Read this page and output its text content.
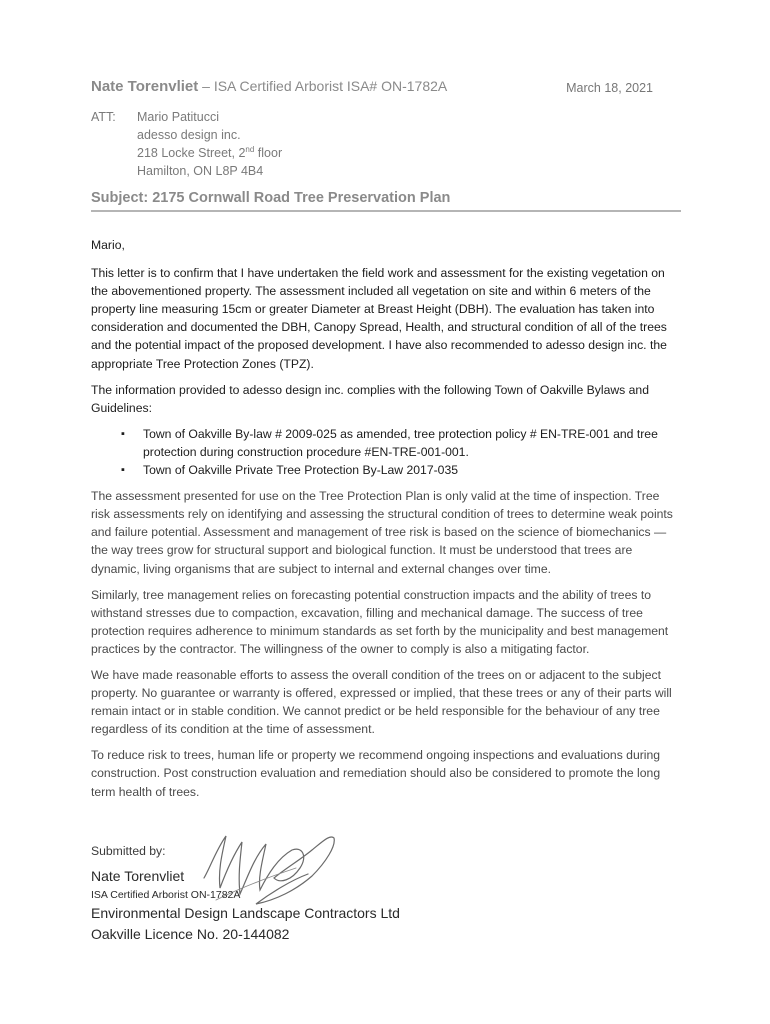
Nate Torenvliet – ISA Certified Arborist ISA# ON-1782A	March 18, 2021
ATT:	Mario Patitucci
adesso design inc.
218 Locke Street, 2nd floor
Hamilton, ON L8P 4B4
Subject: 2175 Cornwall Road Tree Preservation Plan

Mario,

This letter is to confirm that I have undertaken the field work and assessment for the existing vegetation on the abovementioned property. The assessment included all vegetation on site and within 6 meters of the property line measuring 15cm or greater Diameter at Breast Height (DBH). The evaluation has taken into consideration and documented the DBH, Canopy Spread, Health, and structural condition of all of the trees and the potential impact of the proposed development. I have also recommended to adesso design inc. the appropriate Tree Protection Zones (TPZ).

The information provided to adesso design inc. complies with the following Town of Oakville Bylaws and Guidelines:

▪ Town of Oakville By-law # 2009-025 as amended, tree protection policy # EN-TRE-001 and tree protection during construction procedure #EN-TRE-001-001.
▪ Town of Oakville Private Tree Protection By-Law 2017-035

The assessment presented for use on the Tree Protection Plan is only valid at the time of inspection. Tree risk assessments rely on identifying and assessing the structural condition of trees to determine weak points and failure potential. Assessment and management of tree risk is based on the science of biomechanics — the way trees grow for structural support and biological function. It must be understood that trees are dynamic, living organisms that are subject to internal and external changes over time.

Similarly, tree management relies on forecasting potential construction impacts and the ability of trees to withstand stresses due to compaction, excavation, filling and mechanical damage. The success of tree protection requires adherence to minimum standards as set forth by the municipality and best management practices by the contractor. The willingness of the owner to comply is also a mitigating factor.

We have made reasonable efforts to assess the overall condition of the trees on or adjacent to the subject property. No guarantee or warranty is offered, expressed or implied, that these trees or any of their parts will remain intact or in stable condition. We cannot predict or be held responsible for the behaviour of any tree regardless of its condition at the time of assessment.

To reduce risk to trees, human life or property we recommend ongoing inspections and evaluations during construction. Post construction evaluation and remediation should also be considered to promote the long term health of trees.

Submitted by:
Nate Torenvliet
ISA Certified Arborist ON-1782A
Environmental Design Landscape Contractors Ltd
Oakville Licence No. 20-144082
